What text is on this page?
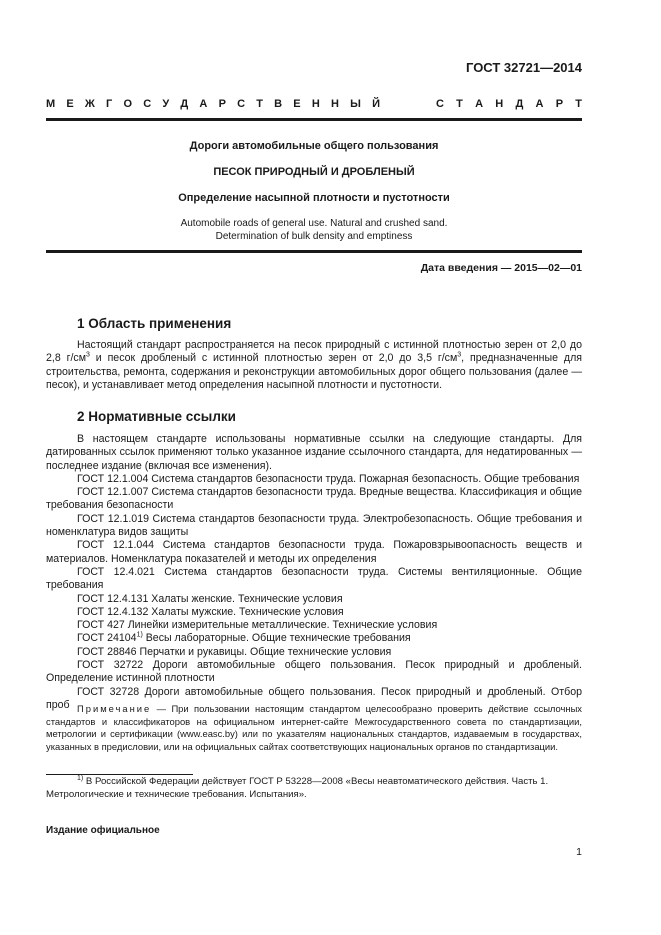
ГОСТ 32721—2014
М Е Ж Г О С У Д А Р С Т В Е Н Н Ы Й	С Т А Н Д А Р Т
Дороги автомобильные общего пользования
ПЕСОК ПРИРОДНЫЙ И ДРОБЛЕНЫЙ
Определение насыпной плотности и пустотности
Automobile roads of general use. Natural and crushed sand.
Determination of bulk density and emptiness
Дата введения — 2015—02—01
1 Область применения

Настоящий стандарт распространяется на песок природный с истинной плотностью зерен от 2,0 до 2,8 $г/см^3$ и песок дробленый с истинной плотностью зерен от 2,0 до 3,5 $г/см^3$, предназначенные для строительства, ремонта, содержания и реконструкции автомобильных дорог общего пользования (далее — песок), и устанавливает метод определения насыпной плотности и пустотности.

2 Нормативные ссылки

В настоящем стандарте использованы нормативные ссылки на следующие стандарты. Для датированных ссылок применяют только указанное издание ссылочного стандарта, для недатированных — последнее издание (включая все изменения).

ГОСТ 12.1.004 Система стандартов безопасности труда. Пожарная безопасность. Общие требования

ГОСТ 12.1.007 Система стандартов безопасности труда. Вредные вещества. Классификация и общие требования безопасности

ГОСТ 12.1.019 Система стандартов безопасности труда. Электробезопасность. Общие требования и номенклатура видов защиты

ГОСТ 12.1.044 Система стандартов безопасности труда. Пожаровзрывоопасность веществ и материалов. Номенклатура показателей и методы их определения

ГОСТ 12.4.021 Система стандартов безопасности труда. Системы вентиляционные. Общие требования

ГОСТ 12.4.131 Халаты женские. Технические условия

ГОСТ 12.4.132 Халаты мужские. Технические условия

ГОСТ 427 Линейки измерительные металлические. Технические условия

ГОСТ 24104$^{1)}$ Весы лабораторные. Общие технические требования

ГОСТ 28846 Перчатки и рукавицы. Общие технические условия

ГОСТ 32722 Дороги автомобильные общего пользования. Песок природный и дробленый. Определение истинной плотности

ГОСТ 32728 Дороги автомобильные общего пользования. Песок природный и дробленый. Отбор проб Примечание — При пользовании настоящим стандартом целесообразно проверить действие ссылочных стандартов и классификаторов на официальном интернет-сайте Межгосударственного совета по стандартизации, метрологии и сертификации (www.easc.by) или по указателям национальных стандартов, издаваемым в государствах, указанных в предисловии, или на официальных сайтах соответствующих национальных органов по стандартизации.

$^{1)}$ В Российской Федерации действует ГОСТ Р 53228—2008 «Весы неавтоматического действия. Часть 1. Метрологические и технические требования. Испытания».

Издание официальное
1
